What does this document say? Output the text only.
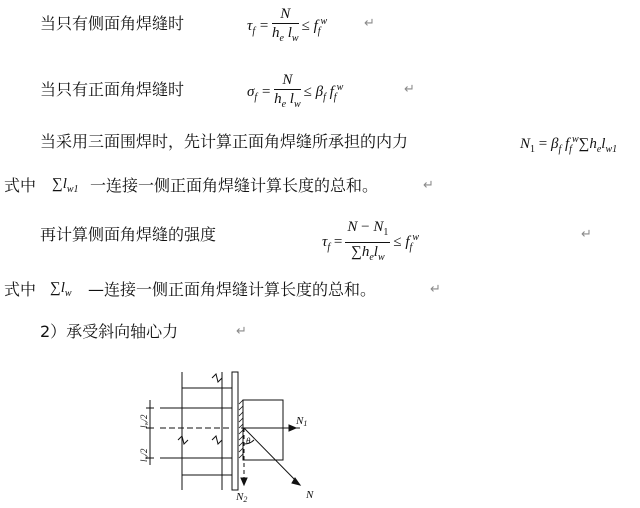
当只有侧面角焊缝时	$\tau_f = \frac{N}{h_e l_w} \le f_f^w$	↵
当只有正面角焊缝时	$\sigma_f = \frac{N}{h_e l_w} \le \beta_f$ $f_f^w$	↵
当采用三面围焊时，先计算正面角焊缝所承担的内力	$N_1 = \beta_f$ $f_f^w\sum h_el_{w1}$
式中 $\sum l_{w1}$ 一连接一侧正面角焊缝计算长度的总和。	↵
再计算侧面角焊缝的强度	$\tau_f = \frac{N - N_1}{\sum h_el_w} \le f_f^w$	↵
式中 $\sum l_w$ —连接一侧正面角焊缝计算长度的总和。	↵
2）承受斜向轴心力	↵
N1
N2	N
θ
lw/2
lw/2
